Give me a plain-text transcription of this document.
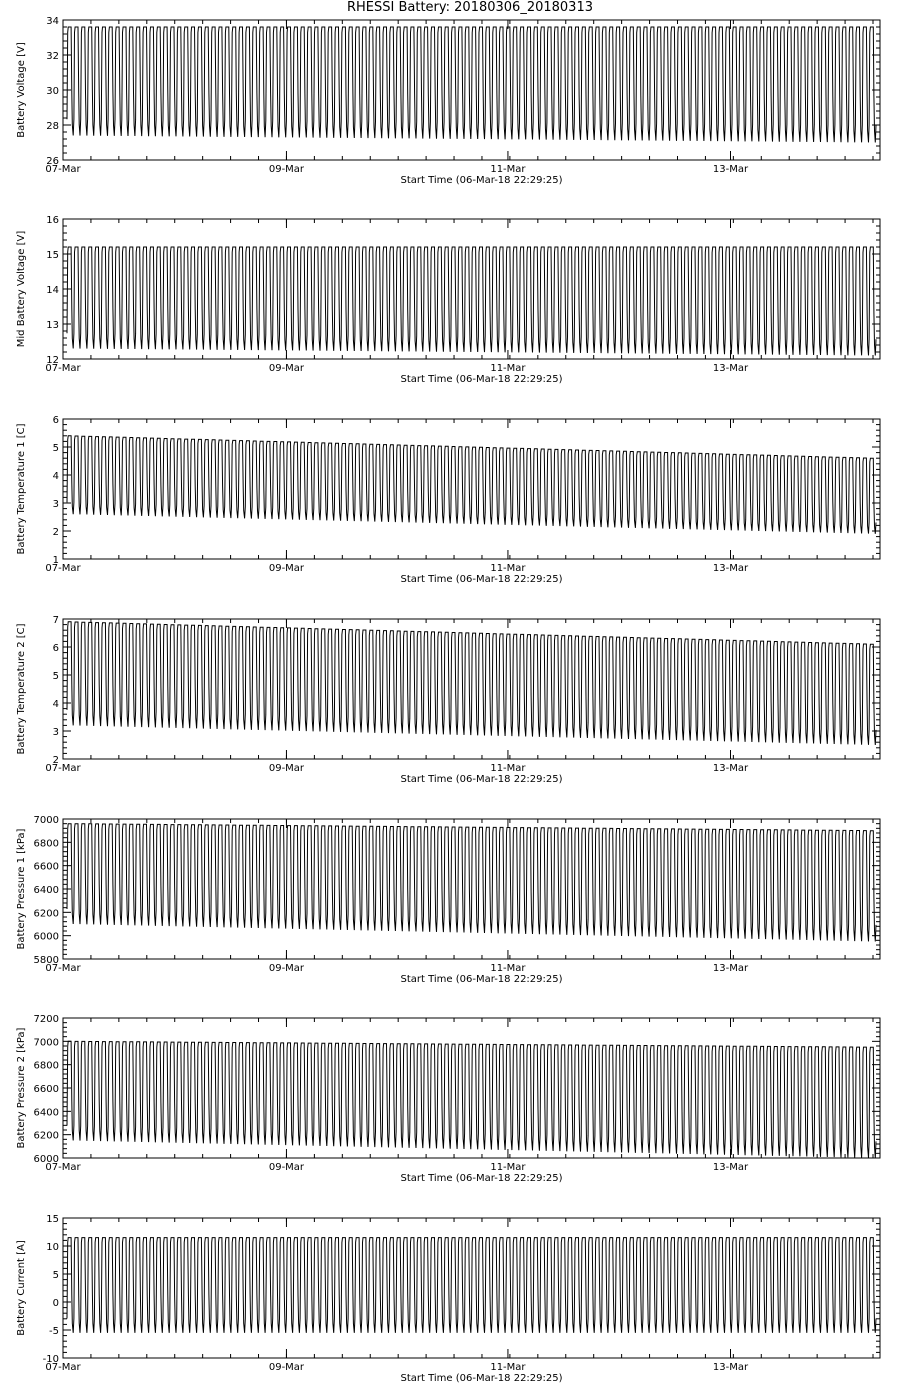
RHESSI Battery: 20180306_20180313
26
28
30
32
34
Battery Voltage [V]
07-Mar	09-Mar	11-Mar	13-Mar
Start Time (06-Mar-18 22:29:25)
12
13
14
15
16
Mid Battery Voltage [V]
07-Mar	09-Mar	11-Mar	13-Mar
Start Time (06-Mar-18 22:29:25)
1
2
3
4
5
6
Battery Temperature 1 [C]
07-Mar	09-Mar	11-Mar	13-Mar
Start Time (06-Mar-18 22:29:25)
2
3
4
5
6
7
Battery Temperature 2 [C]
07-Mar	09-Mar	11-Mar	13-Mar
Start Time (06-Mar-18 22:29:25)
5800
6000
6200
6400
6600
6800
7000
Battery Pressure 1 [kPa]
07-Mar	09-Mar	11-Mar	13-Mar
Start Time (06-Mar-18 22:29:25)
6000
6200
6400
6600
6800
7000
7200
Battery Pressure 2 [kPa]
07-Mar	09-Mar	11-Mar	13-Mar
Start Time (06-Mar-18 22:29:25)
-10
-5
0
5
10
15
Battery Current [A]
07-Mar	09-Mar	11-Mar	13-Mar
Start Time (06-Mar-18 22:29:25)
